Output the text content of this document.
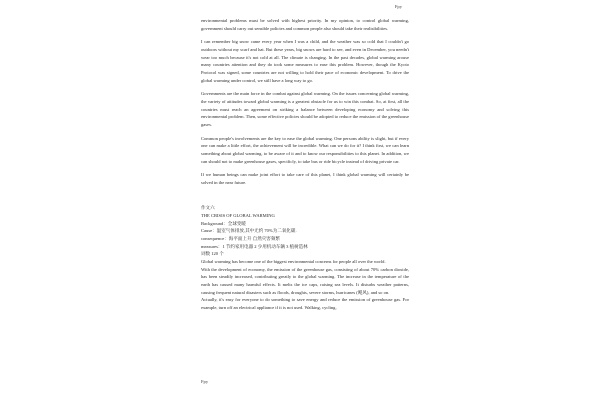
Fpy

environmental problems must be solved with highest priority. In my opinion, to control global warming, government should carry out sensible policies and common people also should take their realisibilities.

I can remember big snow came every year when I was a child, and the weather was so cold that I couldn't go outdoors without my scarf and hat. But these years, big snows are hard to see, and even in December, you needn't wear too much because it's not cold at all. The climate is changing. In the past decades, global warming arouse many countries attention and they do took some measures to ease this problem. However, though the Kyoto Protocol was signed, some countries are not willing to hold their pace of economic development. To drive the global warming under control, we still have a long way to go.

Governments are the main force in the combat against global warming. On the issues concerning global warming, the variety of attitudes toward global warming is a greatest obstacle for us to win this combat. So, at first, all the countries must reach an agreement on striking a balance between developing economy and solving this environmental problem. Then, some effective policies should be adopted to reduce the emission of the greenhouse gases.

Common people's involvements are the key to ease the global warming. One persons ability is slight, but if every one can make a little effort, the achievement will be incredible. What can we do for it? I think first, we can learn something about global warming, to be aware of it and to know our responsibilities to this planet. In addition, we can should not to make greenhouse gases, specificly, to take bus or ride bicycle instead of driving private car.

If we human beings can make joint effort to take care of this planet, I think global warming will certainly be solved in the near future.

作文六

THE CRISIS OF GLOBAL WARMING

Background：全球变暖

Cause：温室气体排放,其中尤约 70%为二氧化碳.

consequence：海平面上升 自然灾害频繁

measures：1 节约家用电器 2 少用机动车辆 3 植树造林

词数 120 个

Global warming has become one of the biggest environmental concerns for people all over the world.

With the development of economy, the emission of the greenhouse gas, consisting of about 70% carbon dioxide, has been steadily increased, contributing greatly to the global warming. The increase in the temperature of the earth has caused many harmful effects. It melts the ice caps, raising sea levels. It disturbs weather patterns, causing frequent natural disasters such as floods, droughts, severe storms, hurricanes (飓风), and so on.

Actually, it's easy for everyone to do something to save energy and reduce the emission of greenhouse gas. For example, turn off an electrical appliance if it is not used. Walking, cycling,

Fpy
